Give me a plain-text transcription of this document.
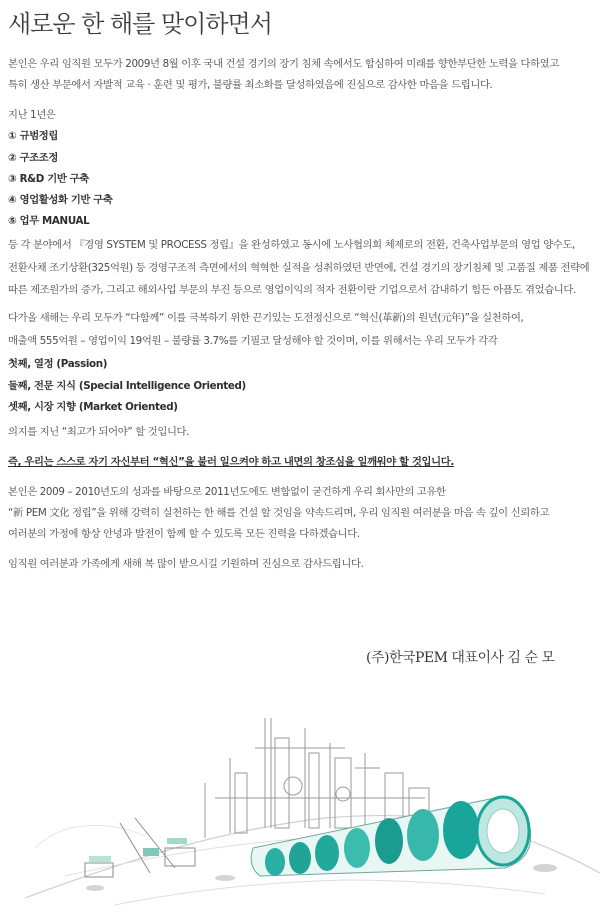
새로운 한 해를 맞이하면서
본인은 우리 임직원 모두가 2009년 8월 이후 국내 건설 경기의 장기 침체 속에서도 합심하여 미래를 향한부단한 노력을 다하였고
특히 생산 부문에서 자발적 교육 · 훈련 및 평가, 불량률 최소화를 달성하였음에 진심으로 감사한 마음을 드립니다.
지난 1년은
① 규범정립
② 구조조정
③ R&D 기반 구축
④ 영업활성화 기반 구축
⑤ 업무 MANUAL
등 각 분야에서 『경영 SYSTEM 및 PROCESS 정립』을 완성하였고 동시에 노사협의회 체제로의 전환, 건축사업부문의 영업 양수도,
전환사채 조기상환(325억원) 등 경영구조적 측면에서의 혁혁한 실적을 성취하였던 반면에, 건설 경기의 장기침체 및 고품질 제품 전략에
따른 제조원가의 증가, 그리고 해외사업 부문의 부진 등으로 영업이익의 적자 전환이란 기업으로서 감내하기 힘든 아픔도 겪었습니다.
다가올 새해는 우리 모두가 “다함께” 이를 극복하기 위한 끈기있는 도전정신으로 “혁신(革新)의 원년(元年)”을 실천하여,
매출액 555억원 – 영업이익 19억원 – 불량률 3.7%를 기필코 달성해야 할 것이며, 이를 위해서는 우리 모두가 각각
첫째, 열정 (Passion)
둘째, 전문 지식 (Special Intelligence Oriented)
셋째, 시장 지향 (Market Oriented)
의지를 지닌 “최고가 되어야” 할 것입니다.
즉, 우리는 스스로 자기 자신부터 “혁신”을 불러 일으켜야 하고 내면의 창조심을 일깨워야 할 것입니다.
본인은 2009 – 2010년도의 성과를 바탕으로 2011년도에도 변함없이 굳건하게 우리 회사만의 고유한
“新 PEM 文化 정립”을 위해 강력히 실천하는 한 해를 건설 할 것임을 약속드리며, 우리 임직원 여러분을 마음 속 깊이 신뢰하고
여러분의 가정에 항상 안녕과 발전이 함께 할 수 있도록 모든 진력을 다하겠습니다.
임직원 여러분과 가족에게 새해 복 많이 받으시길 기원하며 진심으로 감사드립니다.
(주)한국PEM 대표이사 김 순 모
